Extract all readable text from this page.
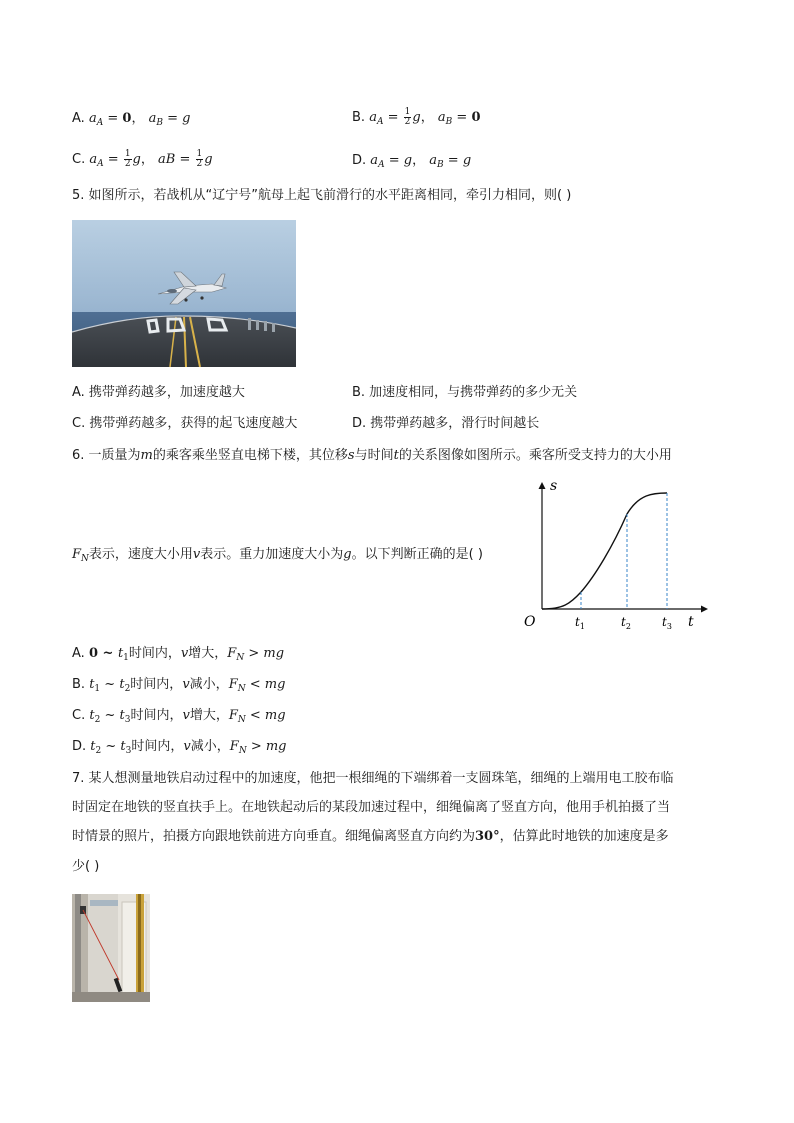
A. $a_A = 0$， $a_B = g$	B. $a_A = \frac{1}{2}$ g， $a_B = 0$
C. $a_A = \frac{1}{2}$ g， aB = $\frac{1}{2}$ g	D. $a_A = g$， $a_B = g$
5. 如图所示，若战机从“辽宁号”航母上起飞前滑行的水平距离相同，牵引力相同，则( )
A. 携带弹药越多，加速度越大	B. 加速度相同，与携带弹药的多少无关
C. 携带弹药越多，获得的起飞速度越大	D. 携带弹药越多，滑行时间越长
6. 一质量为m的乘客乘坐竖直电梯下楼，其位移s与时间t的关系图像如图所示。乘客所受支持力的大小用
$F_N$表示，速度大小用v表示。重力加速度大小为g。以下判断正确的是( )
s
t
O	$t_1$	$t_2$	$t_3$
A. 0 ~ $t_1$时间内，v增大，$F_N$ > mg
B. $t_1$ ~ $t_2$时间内，v减小，$F_N$ < mg
C. $t_2$ ~ $t_3$时间内，v增大，$F_N$ < mg
D. $t_2$ ~ $t_3$时间内，v减小，$F_N$ > mg
7. 某人想测量地铁启动过程中的加速度，他把一根细绳的下端绑着一支圆珠笔，细绳的上端用电工胶布临
时固定在地铁的竖直扶手上。在地铁起动后的某段加速过程中，细绳偏离了竖直方向，他用手机拍摄了当
时情景的照片，拍摄方向跟地铁前进方向垂直。细绳偏离竖直方向约为30°，估算此时地铁的加速度是多
少( )
